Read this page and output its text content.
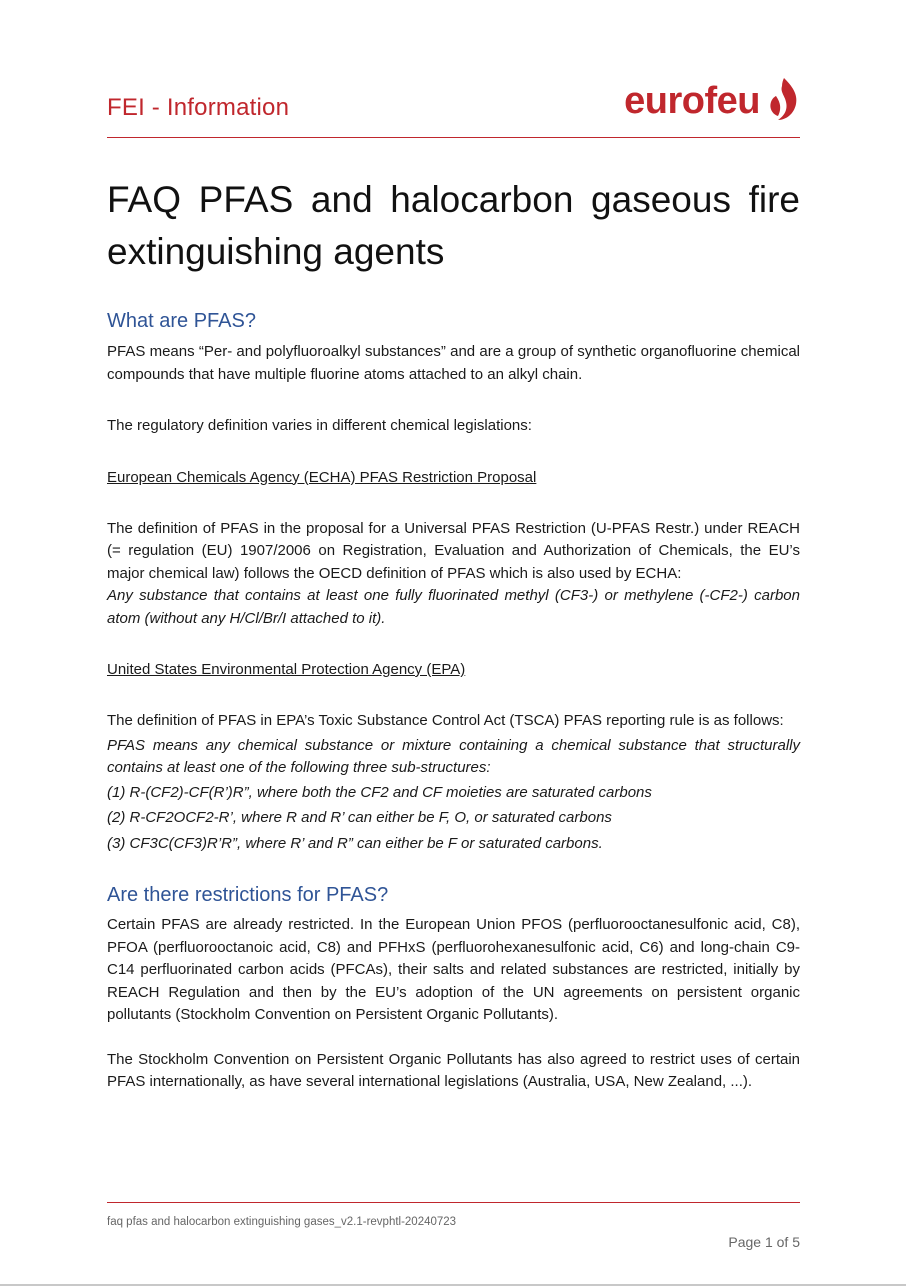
FEI - Information	eurofeu
FAQ PFAS and halocarbon gaseous fire extinguishing agents
What are PFAS?

PFAS means “Per- and polyfluoroalkyl substances” and are a group of synthetic organofluorine chemical compounds that have multiple fluorine atoms attached to an alkyl chain.

The regulatory definition varies in different chemical legislations:

European Chemicals Agency (ECHA) PFAS Restriction Proposal

The definition of PFAS in the proposal for a Universal PFAS Restriction (U-PFAS Restr.) under REACH (= regulation (EU) 1907/2006 on Registration, Evaluation and Authorization of Chemicals, the EU’s major chemical law) follows the OECD definition of PFAS which is also used by ECHA:

Any substance that contains at least one fully fluorinated methyl (CF3-) or methylene (-CF2-) carbon atom (without any H/Cl/Br/I attached to it).

United States Environmental Protection Agency (EPA)

The definition of PFAS in EPA’s Toxic Substance Control Act (TSCA) PFAS reporting rule is as follows:

PFAS means any chemical substance or mixture containing a chemical substance that structurally contains at least one of the following three sub-structures:

(1) R-(CF2)-CF(R’)R”, where both the CF2 and CF moieties are saturated carbons

(2) R-CF2OCF2-R’, where R and R’ can either be F, O, or saturated carbons

(3) CF3C(CF3)R’R”, where R’ and R” can either be F or saturated carbons.

Are there restrictions for PFAS?

Certain PFAS are already restricted. In the European Union PFOS (perfluorooctanesulfonic acid, C8), PFOA (perfluorooctanoic acid, C8) and PFHxS (perfluorohexanesulfonic acid, C6) and long-chain C9-C14 perfluorinated carbon acids (PFCAs), their salts and related substances are restricted, initially by REACH Regulation and then by the EU’s adoption of the UN agreements on persistent organic pollutants (Stockholm Convention on Persistent Organic Pollutants).

The Stockholm Convention on Persistent Organic Pollutants has also agreed to restrict uses of certain PFAS internationally, as have several international legislations (Australia, USA, New Zealand, ...).

faq pfas and halocarbon extinguishing gases_v2.1-revphtl-20240723
Page 1 of 5
